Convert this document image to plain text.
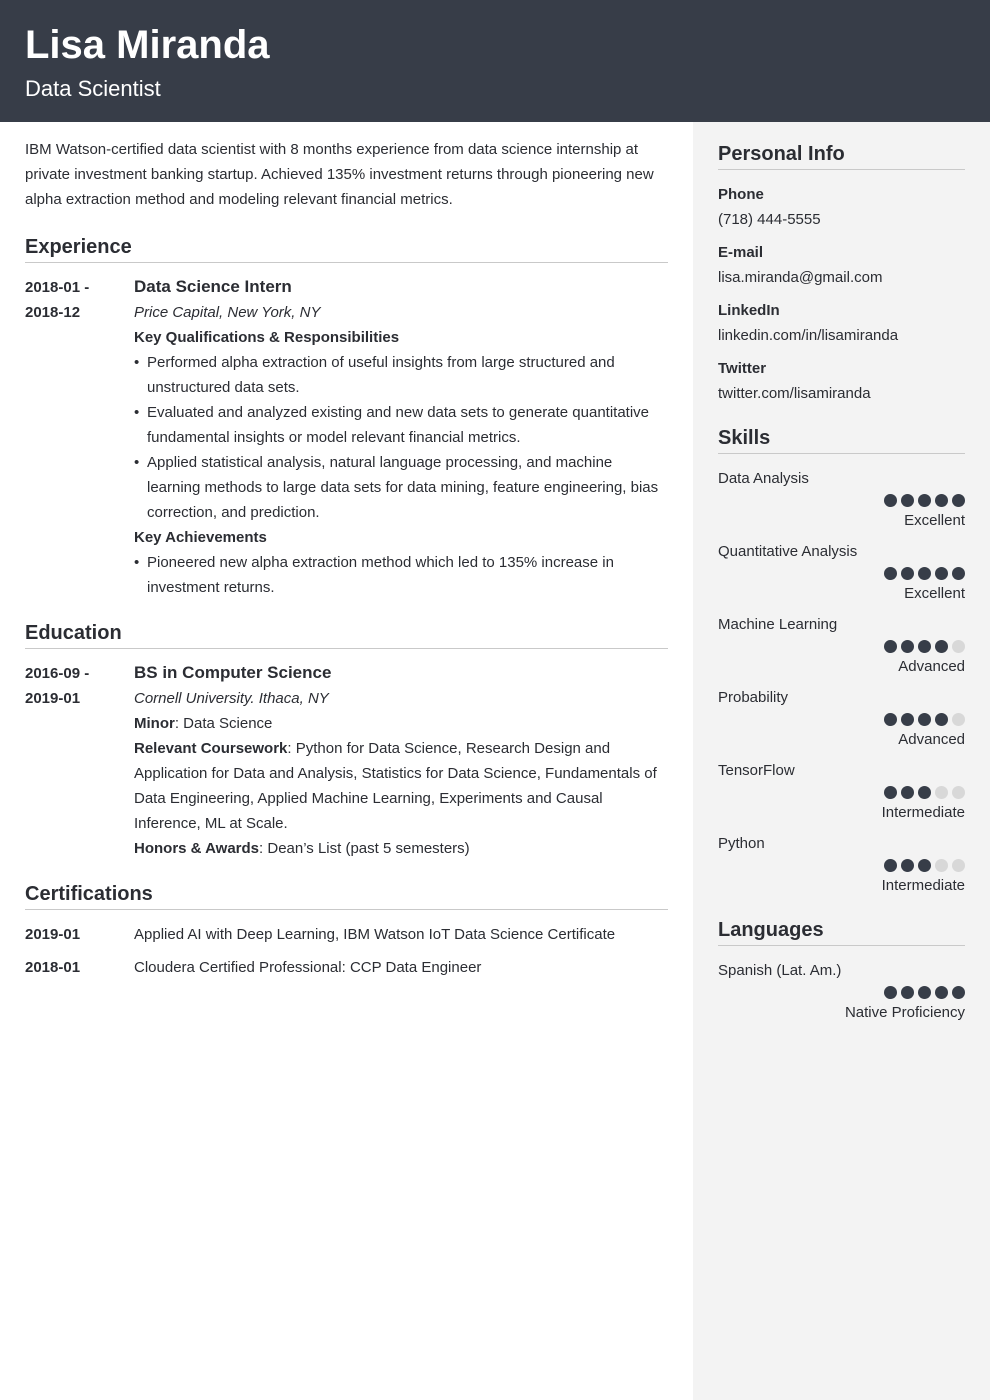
Lisa Miranda
Data Scientist

IBM Watson-certified data scientist with 8 months experience from data science internship at private investment banking startup. Achieved 135% investment returns through pioneering new alpha extraction method and modeling relevant financial metrics.

Experience
2018-01 -
2018-12
Data Science Intern
Price Capital, New York, NY
Key Qualifications & Responsibilities
• Performed alpha extraction of useful insights from large structured and unstructured data sets.
• Evaluated and analyzed existing and new data sets to generate quantitative fundamental insights or model relevant financial metrics.
• Applied statistical analysis, natural language processing, and machine learning methods to large data sets for data mining, feature engineering, bias correction, and prediction.
Key Achievements
• Pioneered new alpha extraction method which led to 135% increase in investment returns.
Education
2016-09 -
2019-01
BS in Computer Science
Cornell University. Ithaca, NY
Minor: Data Science
Relevant Coursework: Python for Data Science, Research Design and Application for Data and Analysis, Statistics for Data Science, Fundamentals of Data Engineering, Applied Machine Learning, Experiments and Causal Inference, ML at Scale.
Honors & Awards: Dean’s List (past 5 semesters)
Certifications
2019-01	Applied AI with Deep Learning, IBM Watson IoT Data Science Certificate
2018-01	Cloudera Certified Professional: CCP Data Engineer
Personal Info
Phone
(718) 444-5555
E-mail
lisa.miranda@gmail.com
LinkedIn
linkedin.com/in/lisamiranda
Twitter
twitter.com/lisamiranda
Skills
Data Analysis
Excellent
Quantitative Analysis
Excellent
Machine Learning
Advanced
Probability
Advanced
TensorFlow
Intermediate
Python
Intermediate
Languages
Spanish (Lat. Am.)
Native Proficiency
